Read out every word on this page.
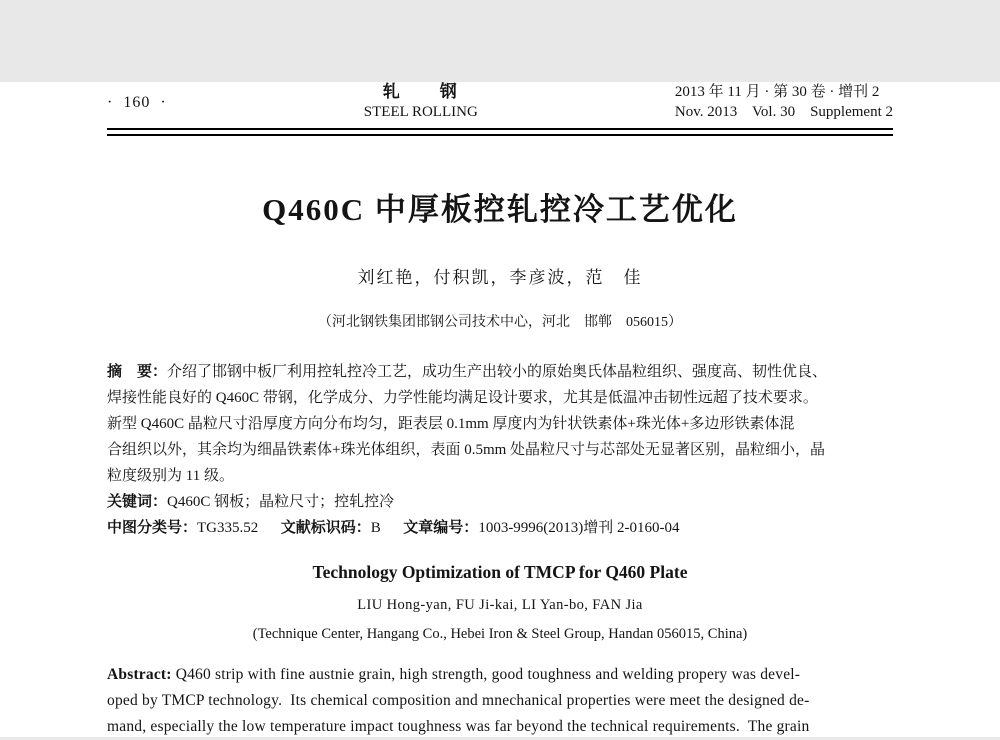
·  160  ·
轧　　钢
STEEL ROLLING
2013 年 11 月 · 第 30 卷 · 增刊 2
Nov. 2013    Vol. 30    Supplement 2
Q460C 中厚板控轧控冷工艺优化
刘红艳，付积凯，李彦波，范　佳
（河北钢铁集团邯钢公司技术中心，河北　邯郸　056015）
摘　要：介绍了邯钢中板厂利用控轧控冷工艺，成功生产出较小的原始奥氏体晶粒组织、强度高、韧性优良、
焊接性能良好的 Q460C 带钢，化学成分、力学性能均满足设计要求，尤其是低温冲击韧性远超了技术要求。
新型 Q460C 晶粒尺寸沿厚度方向分布均匀，距表层 0.1mm 厚度内为针状铁素体+珠光体+多边形铁素体混
合组织以外，其余均为细晶铁素体+珠光体组织，表面 0.5mm 处晶粒尺寸与芯部处无显著区别，晶粒细小，晶
粒度级别为 11 级。
关键词：Q460C 钢板；晶粒尺寸；控轧控冷
中图分类号：TG335.52 文献标识码：B 文章编号：1003-9996(2013)增刊 2-0160-04
Technology Optimization of TMCP for Q460 Plate
LIU Hong-yan, FU Ji-kai, LI Yan-bo, FAN Jia
(Technique Center, Hangang Co., Hebei Iron & Steel Group, Handan 056015, China)
Abstract: Q460 strip with fine austnie grain, high strength, good toughness and welding propery was devel-
oped by TMCP technology.  Its chemical composition and mnechanical properties were meet the designed de-
mand, especially the low temperature impact toughness was far beyond the technical requirements.  The grain
